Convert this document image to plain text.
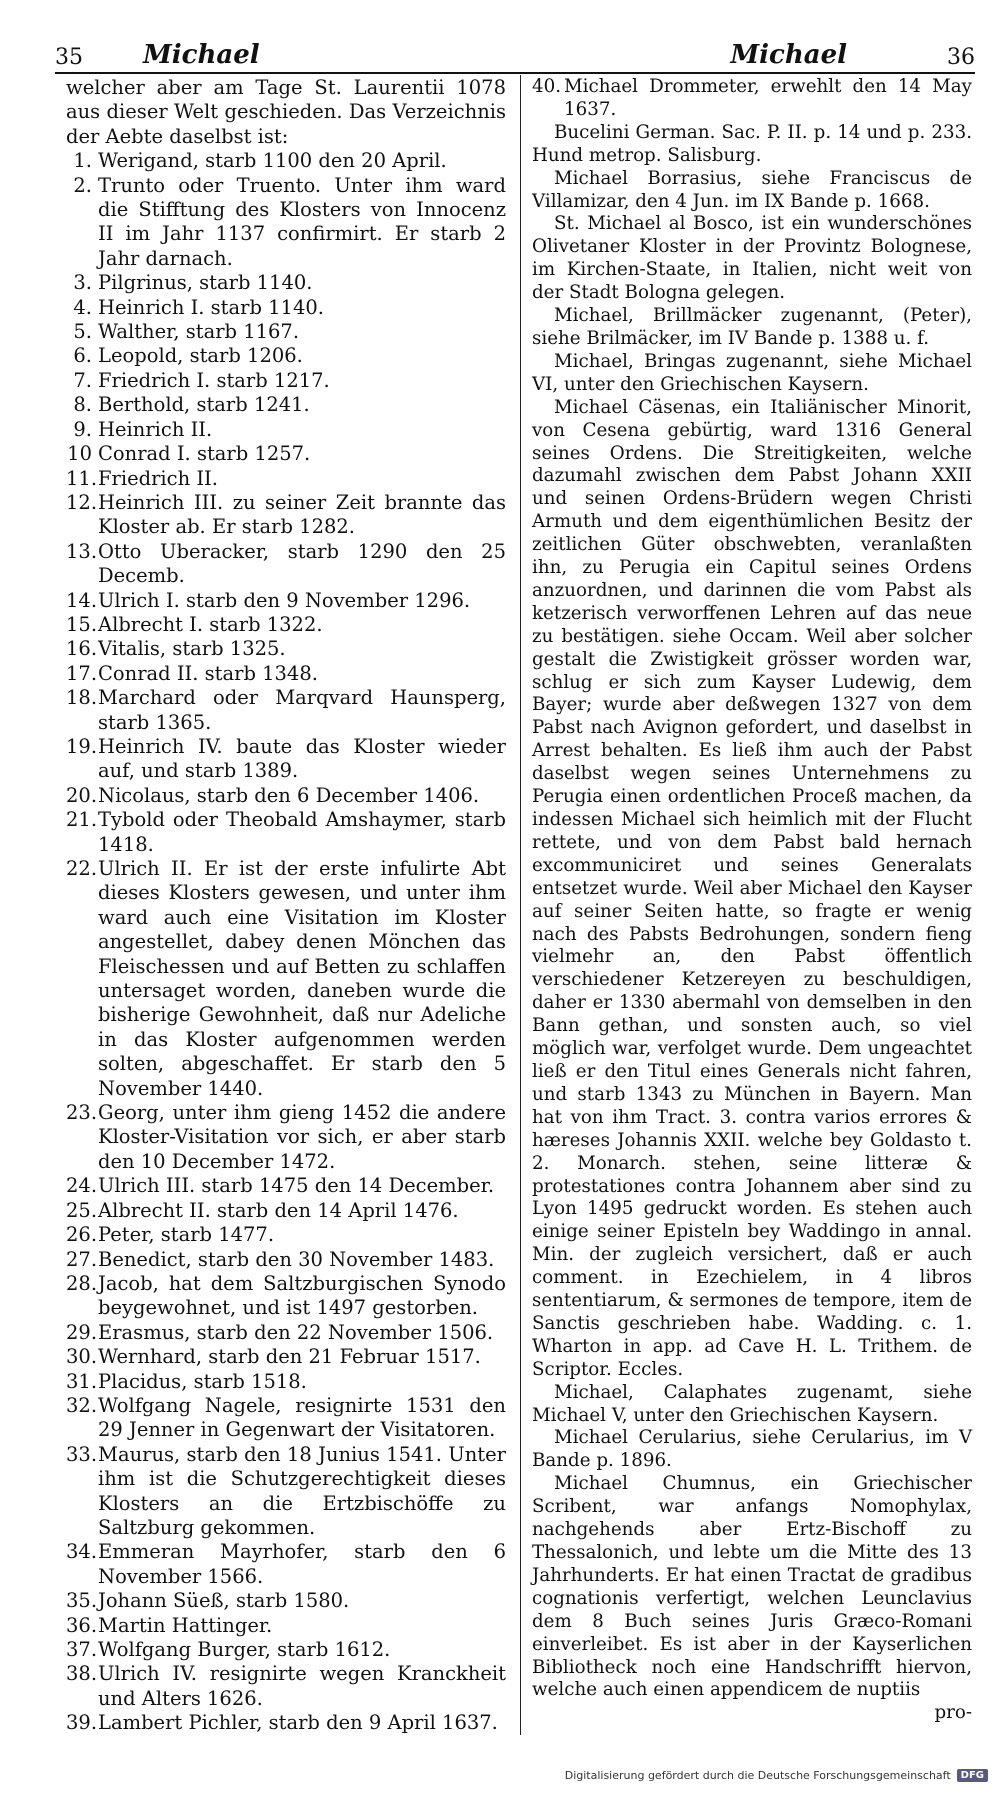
35 Michael	Michael	36

welcher aber am Tage St. Laurentii 1078 aus dieser Welt geschieden. Das Verzeichnis der Aebte daselbst ist:

1. Werigand, starb 1100 den 20 April.
2. Trunto oder Truento. Unter ihm ward die Stifftung des Klosters von Innocenz II im Jahr 1137 confirmirt. Er starb 2 Jahr darnach.
3. Pilgrinus, starb 1140.
4. Heinrich I. starb 1140.
5. Walther, starb 1167.
6. Leopold, starb 1206.
7. Friedrich I. starb 1217.
8. Berthold, starb 1241.
9. Heinrich II.
10 Conrad I. starb 1257.
11. Friedrich II.
12. Heinrich III. zu seiner Zeit brannte das Kloster ab. Er starb 1282.
13. Otto Uberacker, starb 1290 den 25 Decemb.
14. Ulrich I. starb den 9 November 1296.
15. Albrecht I. starb 1322.
16. Vitalis, starb 1325.
17. Conrad II. starb 1348.
18. Marchard oder Marqvard Haunsperg, starb 1365.
19. Heinrich IV. baute das Kloster wieder auf, und starb 1389.
20. Nicolaus, starb den 6 December 1406.
21. Tybold oder Theobald Amshaymer, starb 1418.
22. Ulrich II. Er ist der erste infulirte Abt dieses Klosters gewesen, und unter ihm ward auch eine Visitation im Kloster angestellet, dabey denen Mönchen das Fleischessen und auf Betten zu schlaffen untersaget worden, daneben wurde die bisherige Gewohnheit, daß nur Adeliche in das Kloster aufgenommen werden solten, abgeschaffet. Er starb den 5 November 1440.
23. Georg, unter ihm gieng 1452 die andere Kloster-Visitation vor sich, er aber starb den 10 December 1472.
24. Ulrich III. starb 1475 den 14 December.
25. Albrecht II. starb den 14 April 1476.
26. Peter, starb 1477.
27. Benedict, starb den 30 November 1483.
28. Jacob, hat dem Saltzburgischen Synodo beygewohnet, und ist 1497 gestorben.
29. Erasmus, starb den 22 November 1506.
30. Wernhard, starb den 21 Februar 1517.
31. Placidus, starb 1518.
32. Wolfgang Nagele, resignirte 1531 den 29 Jenner in Gegenwart der Visitatoren.
33. Maurus, starb den 18 Junius 1541. Unter ihm ist die Schutzgerechtigkeit dieses Klosters an die Ertzbischöffe zu Saltzburg gekommen.
34. Emmeran Mayrhofer, starb den 6 November 1566.
35. Johann Süeß, starb 1580.
36. Martin Hattinger.
37. Wolfgang Burger, starb 1612.
38. Ulrich IV. resignirte wegen Kranckheit und Alters 1626.
39. Lambert Pichler, starb den 9 April 1637.
40. Michael Drommeter, erwehlt den 14 May 1637.

Bucelini German. Sac. P. II. p. 14 und p. 233. Hund metrop. Salisburg.

Michael Borrasius, siehe Franciscus de Villamizar, den 4 Jun. im IX Bande p. 1668.

St. Michael al Bosco, ist ein wunderschönes Olivetaner Kloster in der Provintz Bolognese, im Kirchen-Staate, in Italien, nicht weit von der Stadt Bologna gelegen.

Michael, Brillmäcker zugenannt, (Peter), siehe Brilmäcker, im IV Bande p. 1388 u. f.

Michael, Bringas zugenannt, siehe Michael VI, unter den Griechischen Kaysern.

Michael Cäsenas, ein Italiänischer Minorit, von Cesena gebürtig, ward 1316 General seines Ordens. Die Streitigkeiten, welche dazumahl zwischen dem Pabst Johann XXII und seinen Ordens-Brüdern wegen Christi Armuth und dem eigenthümlichen Besitz der zeitlichen Güter obschwebten, veranlaßten ihn, zu Perugia ein Capitul seines Ordens anzuordnen, und darinnen die vom Pabst als ketzerisch verworffenen Lehren auf das neue zu bestätigen. siehe Occam. Weil aber solcher gestalt die Zwistigkeit grösser worden war, schlug er sich zum Kayser Ludewig, dem Bayer; wurde aber deßwegen 1327 von dem Pabst nach Avignon gefordert, und daselbst in Arrest behalten. Es ließ ihm auch der Pabst daselbst wegen seines Unternehmens zu Perugia einen ordentlichen Proceß machen, da indessen Michael sich heimlich mit der Flucht rettete, und von dem Pabst bald hernach excommuniciret und seines Generalats entsetzet wurde. Weil aber Michael den Kayser auf seiner Seiten hatte, so fragte er wenig nach des Pabsts Bedrohungen, sondern fieng vielmehr an, den Pabst öffentlich verschiedener Ketzereyen zu beschuldigen, daher er 1330 abermahl von demselben in den Bann gethan, und sonsten auch, so viel möglich war, verfolget wurde. Dem ungeachtet ließ er den Titul eines Generals nicht fahren, und starb 1343 zu München in Bayern. Man hat von ihm Tract. 3. contra varios errores & hæreses Johannis XXII. welche bey Goldasto t. 2. Monarch. stehen, seine litteræ & protestationes contra Johannem aber sind zu Lyon 1495 gedruckt worden. Es stehen auch einige seiner Episteln bey Waddingo in annal. Min. der zugleich versichert, daß er auch comment. in Ezechielem, in 4 libros sententiarum, & sermones de tempore, item de Sanctis geschrieben habe. Wadding. c. 1. Wharton in app. ad Cave H. L. Trithem. de Scriptor. Eccles.

Michael, Calaphates zugenamt, siehe Michael V, unter den Griechischen Kaysern.

Michael Cerularius, siehe Cerularius, im V Bande p. 1896.

Michael Chumnus, ein Griechischer Scribent, war anfangs Nomophylax, nachgehends aber Ertz-Bischoff zu Thessalonich, und lebte um die Mitte des 13 Jahrhunderts. Er hat einen Tractat de gradibus cognationis verfertigt, welchen Leunclavius dem 8 Buch seines Juris Græco-Romani einverleibet. Es ist aber in der Kayserlichen Bibliotheck noch eine Handschrifft hiervon, welche auch einen appendicem de nuptiis

pro-

Digitalisierung gefördert durch die Deutsche Forschungsgemeinschaft	DFG
